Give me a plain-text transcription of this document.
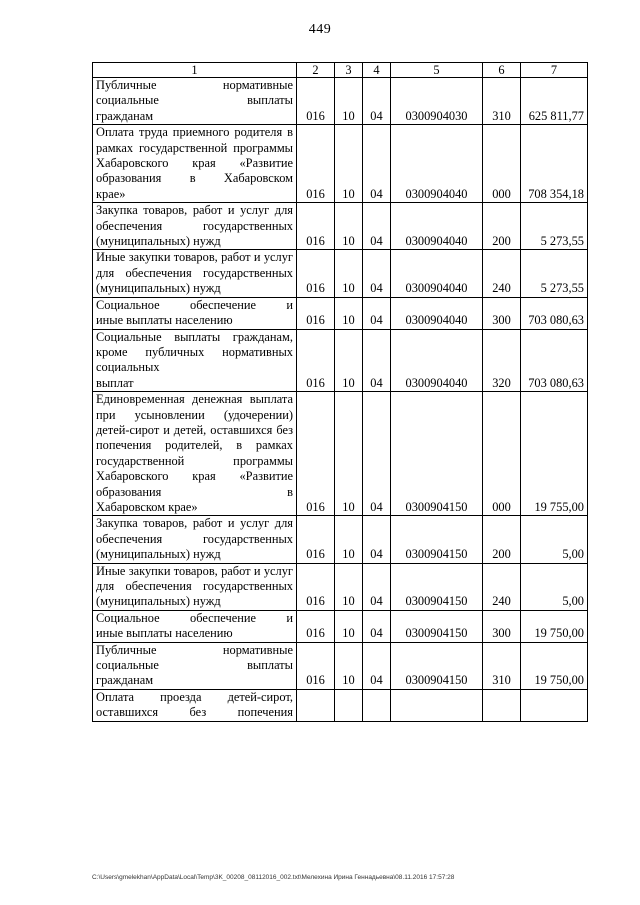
449
1	2	3	4	5	6	7
Публичные нормативные социальные выплаты
гражданам	016	10	04	0300904030	310	625 811,77
Оплата труда приемного родителя в рамках государственной программы Хабаровского края «Развитие образования в Хабаровском
крае»	016	10	04	0300904040	000	708 354,18
Закупка товаров, работ и услуг для обеспечения государственных
(муниципальных) нужд	016	10	04	0300904040	200	5 273,55
Иные закупки товаров, работ и услуг для обеспечения государственных
(муниципальных) нужд	016	10	04	0300904040	240	5 273,55
Социальное обеспечение и
иные выплаты населению	016	10	04	0300904040	300	703 080,63
Социальные выплаты гражданам, кроме публичных нормативных социальных
выплат	016	10	04	0300904040	320	703 080,63
Единовременная денежная выплата при усыновлении (удочерении) детей-сирот и детей, оставшихся без попечения родителей, в рамках государственной программы Хабаровского края «Развитие образования в
Хабаровском крае»	016	10	04	0300904150	000	19 755,00
Закупка товаров, работ и услуг для обеспечения государственных
(муниципальных) нужд	016	10	04	0300904150	200	5,00
Иные закупки товаров, работ и услуг для обеспечения государственных
(муниципальных) нужд	016	10	04	0300904150	240	5,00
Социальное обеспечение и
иные выплаты населению	016	10	04	0300904150	300	19 750,00
Публичные нормативные социальные выплаты
гражданам	016	10	04	0300904150	310	19 750,00
Оплата проезда детей-сирот, оставшихся без попечения

C:\Users\gmelekhan\AppData\Local\Temp\3K_00208_08112016_002.txt\Мелехина Ирина Геннадьевна\08.11.2016 17:57:28
